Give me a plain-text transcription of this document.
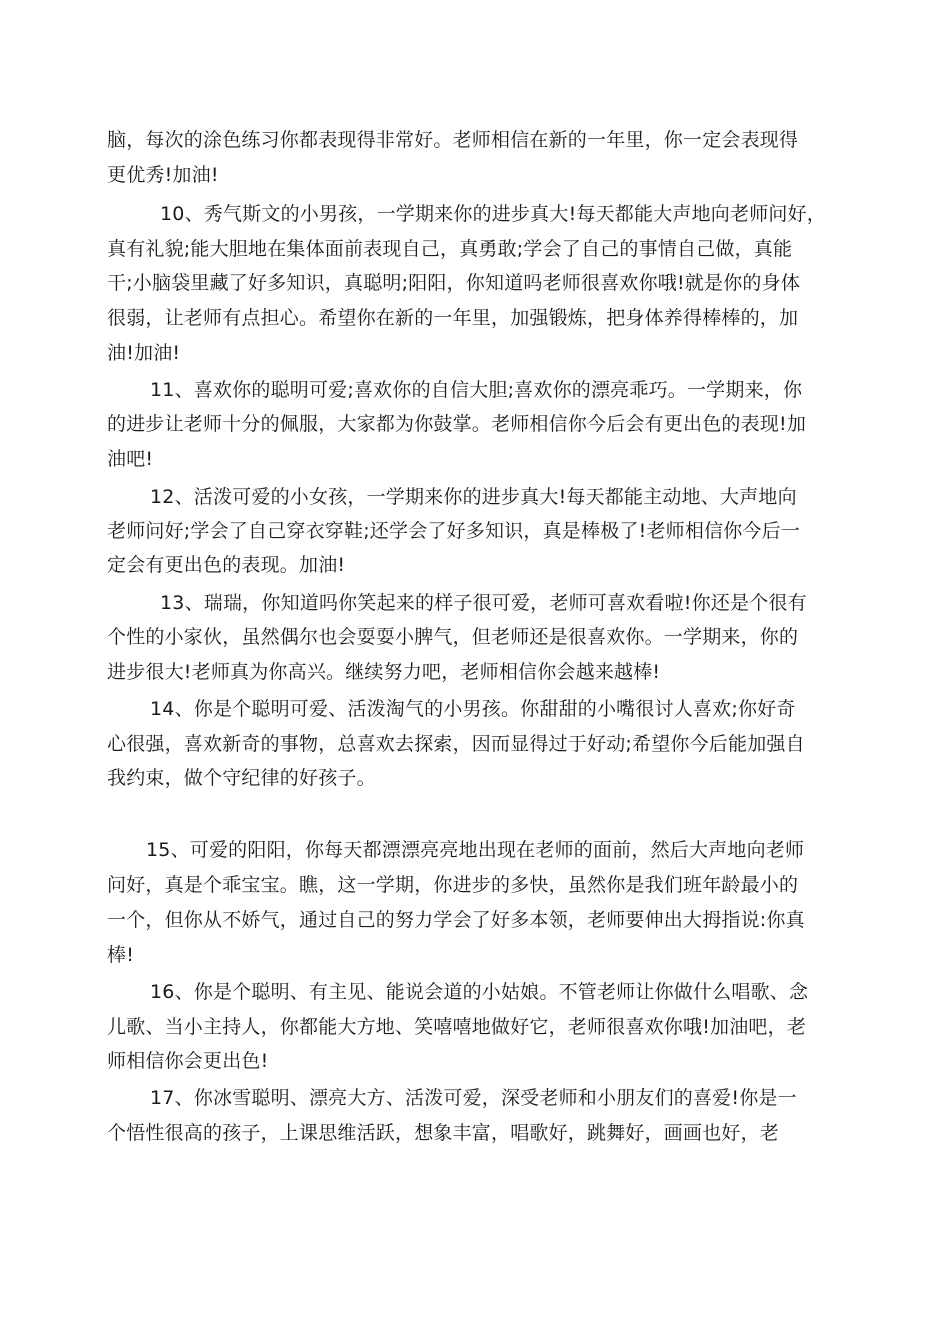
脑，每次的涂色练习你都表现得非常好。老师相信在新的一年里，你一定会表现得
更优秀!加油!
10、秀气斯文的小男孩，一学期来你的进步真大!每天都能大声地向老师问好，
真有礼貌;能大胆地在集体面前表现自己，真勇敢;学会了自己的事情自己做，真能
干;小脑袋里藏了好多知识，真聪明;阳阳，你知道吗老师很喜欢你哦!就是你的身体
很弱，让老师有点担心。希望你在新的一年里，加强锻炼，把身体养得棒棒的，加
油!加油!
11、喜欢你的聪明可爱;喜欢你的自信大胆;喜欢你的漂亮乖巧。一学期来，你
的进步让老师十分的佩服，大家都为你鼓掌。老师相信你今后会有更出色的表现!加
油吧!
12、活泼可爱的小女孩，一学期来你的进步真大!每天都能主动地、大声地向
老师问好;学会了自己穿衣穿鞋;还学会了好多知识，真是棒极了!老师相信你今后一
定会有更出色的表现。加油!
13、瑞瑞，你知道吗你笑起来的样子很可爱，老师可喜欢看啦!你还是个很有
个性的小家伙，虽然偶尔也会耍耍小脾气，但老师还是很喜欢你。一学期来，你的
进步很大!老师真为你高兴。继续努力吧，老师相信你会越来越棒!
14、你是个聪明可爱、活泼淘气的小男孩。你甜甜的小嘴很讨人喜欢;你好奇
心很强，喜欢新奇的事物，总喜欢去探索，因而显得过于好动;希望你今后能加强自
我约束，做个守纪律的好孩子。
15、可爱的阳阳，你每天都漂漂亮亮地出现在老师的面前，然后大声地向老师
问好，真是个乖宝宝。瞧，这一学期，你进步的多快，虽然你是我们班年龄最小的
一个，但你从不娇气，通过自己的努力学会了好多本领，老师要伸出大拇指说:你真
棒!
16、你是个聪明、有主见、能说会道的小姑娘。不管老师让你做什么唱歌、念
儿歌、当小主持人，你都能大方地、笑嘻嘻地做好它，老师很喜欢你哦!加油吧，老
师相信你会更出色!
17、你冰雪聪明、漂亮大方、活泼可爱，深受老师和小朋友们的喜爱!你是一
个悟性很高的孩子，上课思维活跃，想象丰富，唱歌好，跳舞好，画画也好，老
